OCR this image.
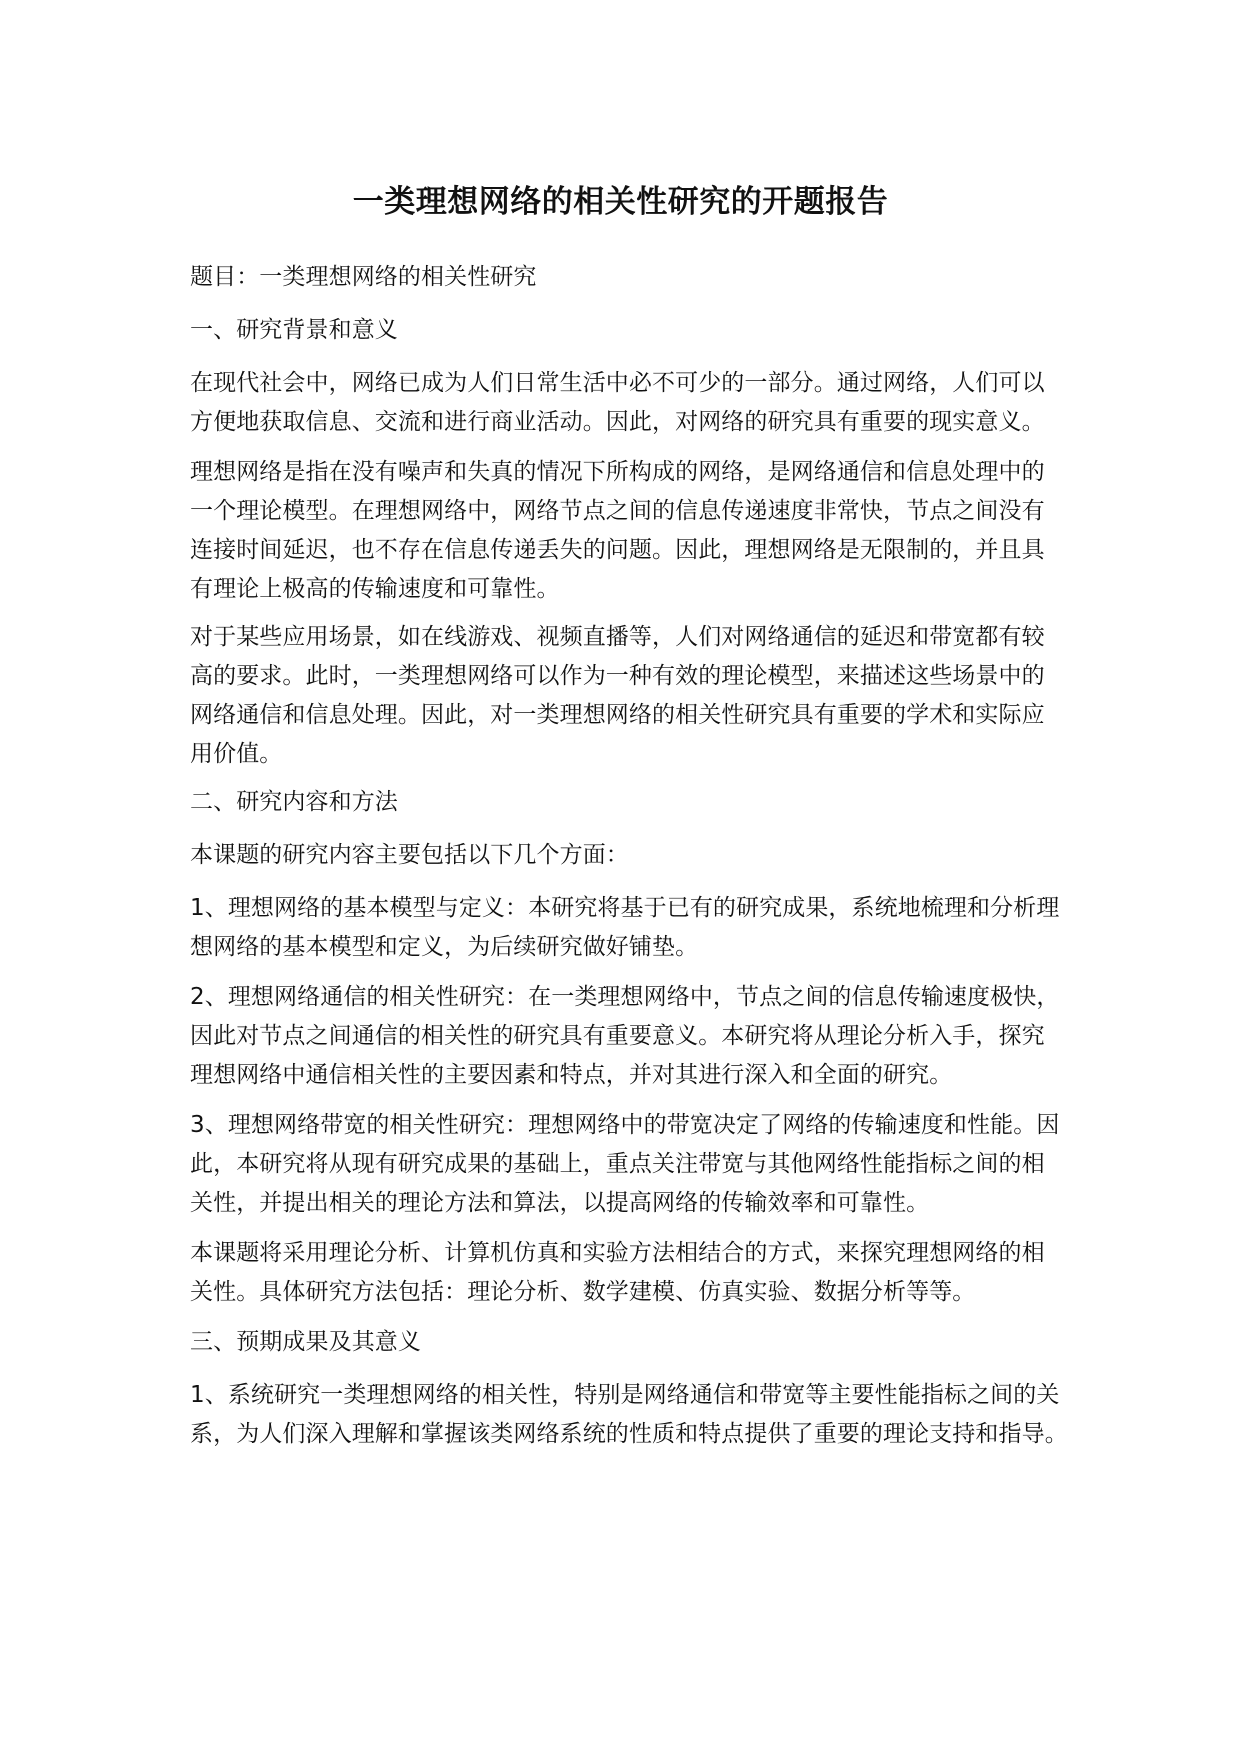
一类理想网络的相关性研究的开题报告
题目：一类理想网络的相关性研究
一、研究背景和意义
在现代社会中，网络已成为人们日常生活中必不可少的一部分。通过网络，人们可以
方便地获取信息、交流和进行商业活动。因此，对网络的研究具有重要的现实意义。
理想网络是指在没有噪声和失真的情况下所构成的网络，是网络通信和信息处理中的
一个理论模型。在理想网络中，网络节点之间的信息传递速度非常快，节点之间没有
连接时间延迟，也不存在信息传递丢失的问题。因此，理想网络是无限制的，并且具
有理论上极高的传输速度和可靠性。
对于某些应用场景，如在线游戏、视频直播等，人们对网络通信的延迟和带宽都有较
高的要求。此时，一类理想网络可以作为一种有效的理论模型，来描述这些场景中的
网络通信和信息处理。因此，对一类理想网络的相关性研究具有重要的学术和实际应
用价值。
二、研究内容和方法
本课题的研究内容主要包括以下几个方面：
1、理想网络的基本模型与定义：本研究将基于已有的研究成果，系统地梳理和分析理
想网络的基本模型和定义，为后续研究做好铺垫。
2、理想网络通信的相关性研究：在一类理想网络中，节点之间的信息传输速度极快，
因此对节点之间通信的相关性的研究具有重要意义。本研究将从理论分析入手，探究
理想网络中通信相关性的主要因素和特点，并对其进行深入和全面的研究。
3、理想网络带宽的相关性研究：理想网络中的带宽决定了网络的传输速度和性能。因
此，本研究将从现有研究成果的基础上，重点关注带宽与其他网络性能指标之间的相
关性，并提出相关的理论方法和算法，以提高网络的传输效率和可靠性。
本课题将采用理论分析、计算机仿真和实验方法相结合的方式，来探究理想网络的相
关性。具体研究方法包括：理论分析、数学建模、仿真实验、数据分析等等。
三、预期成果及其意义
1、系统研究一类理想网络的相关性，特别是网络通信和带宽等主要性能指标之间的关
系，为人们深入理解和掌握该类网络系统的性质和特点提供了重要的理论支持和指导。
